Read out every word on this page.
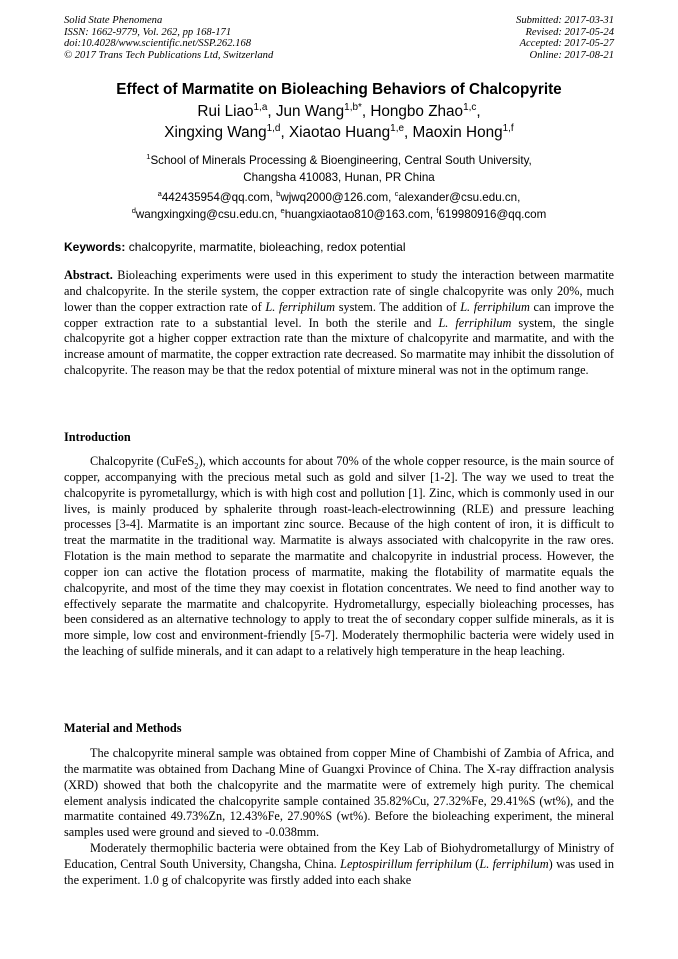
Solid State Phenomena
ISSN: 1662-9779, Vol. 262, pp 168-171
doi:10.4028/www.scientific.net/SSP.262.168
© 2017 Trans Tech Publications Ltd, Switzerland
Submitted: 2017-03-31
Revised: 2017-05-24
Accepted: 2017-05-27
Online: 2017-08-21
Effect of Marmatite on Bioleaching Behaviors of Chalcopyrite
Rui Liao$^{1,a}$, Jun Wang$^{1,b*}$, Hongbo Zhao$^{1,c}$,
Xingxing Wang$^{1,d}$, Xiaotao Huang$^{1,e}$, Maoxin Hong$^{1,f}$
$^1$School of Minerals Processing & Bioengineering, Central South University,
Changsha 410083, Hunan, PR China
$^a$442435954@qq.com, $^b$wjwq2000@126.com, $^c$alexander@csu.edu.cn,
$^d$wangxingxing@csu.edu.cn, $^e$huangxiaotao810@163.com, $^f$619980916@qq.com
Keywords: chalcopyrite, marmatite, bioleaching, redox potential

Abstract. Bioleaching experiments were used in this experiment to study the interaction between marmatite and chalcopyrite. In the sterile system, the copper extraction rate of single chalcopyrite was only 20%, much lower than the copper extraction rate of L. ferriphilum system. The addition of L. ferriphilum can improve the copper extraction rate to a substantial level. In both the sterile and L. ferriphilum system, the single chalcopyrite got a higher copper extraction rate than the mixture of chalcopyrite and marmatite, and with the increase amount of marmatite, the copper extraction rate decreased. So marmatite may inhibit the dissolution of chalcopyrite. The reason may be that the redox potential of mixture mineral was not in the optimum range.

Introduction

Chalcopyrite (CuFeS$_2$), which accounts for about 70% of the whole copper resource, is the main source of copper, accompanying with the precious metal such as gold and silver [1-2]. The way we used to treat the chalcopyrite is pyrometallurgy, which is with high cost and pollution [1]. Zinc, which is commonly used in our lives, is mainly produced by sphalerite through roast-leach-electrowinning (RLE) and pressure leaching processes [3-4]. Marmatite is an important zinc source. Because of the high content of iron, it is difficult to treat the marmatite in the traditional way. Marmatite is always associated with chalcopyrite in the raw ores. Flotation is the main method to separate the marmatite and chalcopyrite in industrial process. However, the copper ion can active the flotation process of marmatite, making the flotability of marmatite equals the chalcopyrite, and most of the time they may coexist in flotation concentrates. We need to find another way to effectively separate the marmatite and chalcopyrite. Hydrometallurgy, especially bioleaching processes, has been considered as an alternative technology to apply to treat the of secondary copper sulfide minerals, as it is more simple, low cost and environment-friendly [5-7]. Moderately thermophilic bacteria were widely used in the leaching of sulfide minerals, and it can adapt to a relatively high temperature in the heap leaching.

Material and Methods

The chalcopyrite mineral sample was obtained from copper Mine of Chambishi of Zambia of Africa, and the marmatite was obtained from Dachang Mine of Guangxi Province of China. The X-ray diffraction analysis (XRD) showed that both the chalcopyrite and the marmatite were of extremely high purity. The chemical element analysis indicated the chalcopyrite sample contained 35.82%Cu, 27.32%Fe, 29.41%S (wt%), and the marmatite contained 49.73%Zn, 12.43%Fe, 27.90%S (wt%). Before the bioleaching experiment, the mineral samples used were ground and sieved to -0.038mm.

Moderately thermophilic bacteria were obtained from the Key Lab of Biohydrometallurgy of Ministry of Education, Central South University, Changsha, China. Leptospirillum ferriphilum (L. ferriphilum) was used in the experiment. 1.0 g of chalcopyrite was firstly added into each shake
